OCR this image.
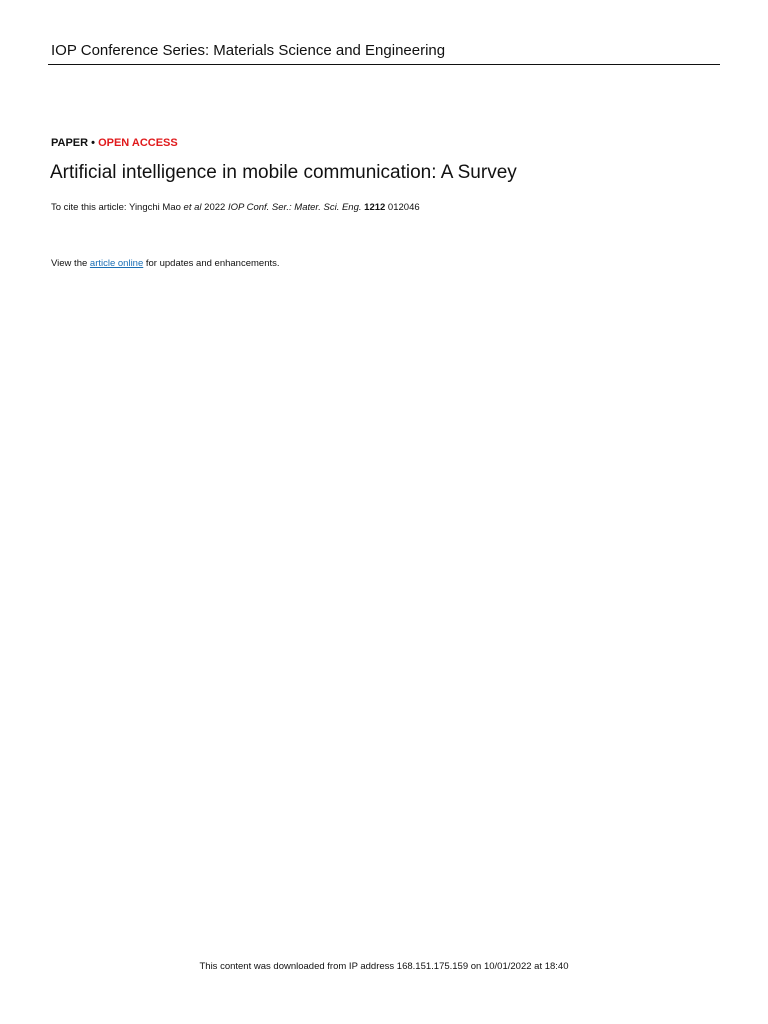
IOP Conference Series: Materials Science and Engineering
PAPER • OPEN ACCESS
Artificial intelligence in mobile communication: A Survey
To cite this article: Yingchi Mao et al 2022 IOP Conf. Ser.: Mater. Sci. Eng. 1212 012046
View the article online for updates and enhancements.
This content was downloaded from IP address 168.151.175.159 on 10/01/2022 at 18:40
